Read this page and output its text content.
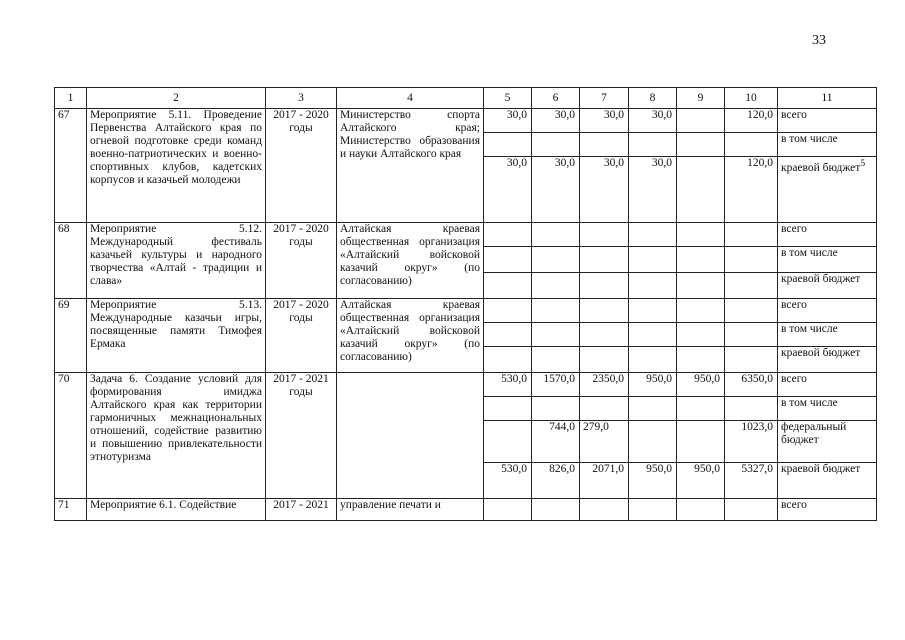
33
1	2	3	4	5	6	7	8	9	10	11
67	Мероприятие 5.11. Проведение Первенства Алтайского края по огневой подготовке среди команд военно-патриотических и военно-спортивных клубов, кадетских корпусов и казачьей молодежи	2017 - 2020 годы	Министерство спорта Алтайского края; Министерство образования и науки Алтайского края	30,0	30,0	30,0	30,0		120,0	всего
										в том числе
				30,0	30,0	30,0	30,0		120,0	краевой бюджет$^5$
68	Мероприятие 5.12. Международный фестиваль казачьей культуры и народного творчества «Алтай - традиции и слава»	2017 - 2020 годы	Алтайская краевая общественная организация «Алтайский войсковой казачий округ» (по согласованию)							всего
										в том числе
										краевой бюджет
69	Мероприятие 5.13. Международные казачьи игры, посвященные памяти Тимофея Ермака	2017 - 2020 годы	Алтайская краевая общественная организация «Алтайский войсковой казачий округ» (по согласованию)							всего
										в том числе
										краевой бюджет
70	Задача 6. Создание условий для формирования имиджа Алтайского края как территории гармоничных межнациональных отношений, содействие развитию и повышению привлекательности этнотуризма	2017 - 2021 годы		530,0	1570,0	2350,0	950,0	950,0	6350,0	всего
										в том числе
					744,0	279,0			1023,0	федеральный бюджет
				530,0	826,0	2071,0	950,0	950,0	5327,0	краевой бюджет
71	Мероприятие 6.1. Содействие	2017 - 2021	управление печати и							всего
